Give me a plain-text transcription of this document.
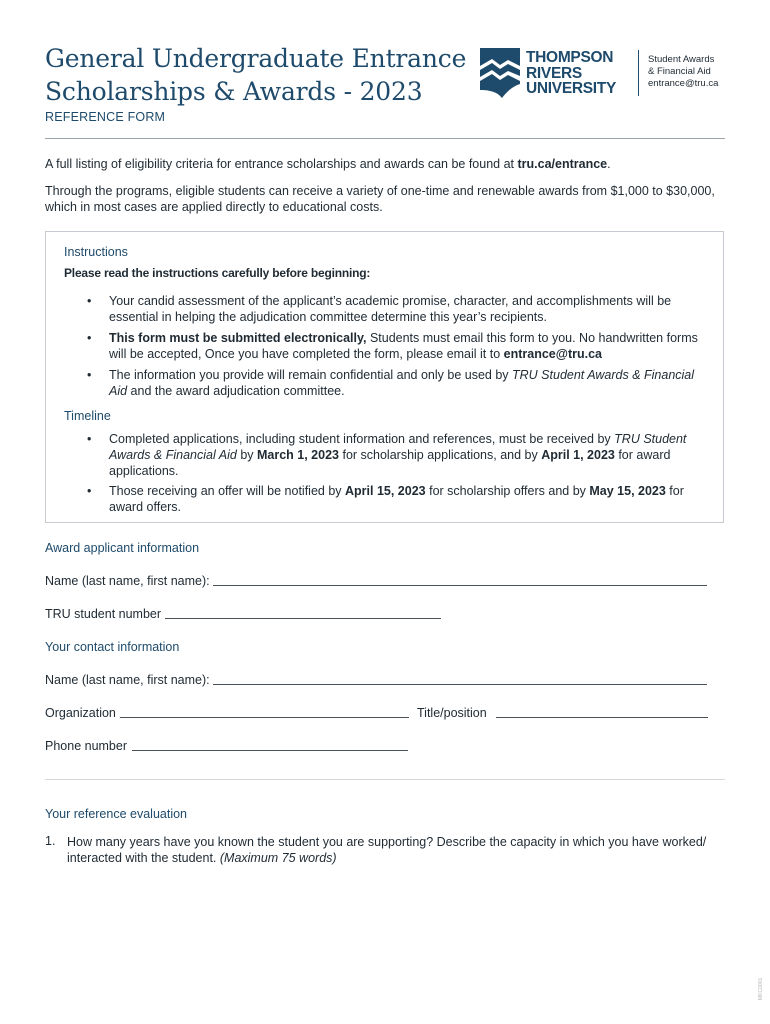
General Undergraduate Entrance
Scholarships & Awards - 2023
THOMPSON
RIVERS
UNIVERSITY
Student Awards
& Financial Aid
entrance@tru.ca
REFERENCE FORM

A full listing of eligibility criteria for entrance scholarships and awards can be found at tru.ca/entrance.

Through the programs, eligible students can receive a variety of one-time and renewable awards from $1,000 to $30,000, which in most cases are applied directly to educational costs.

Instructions
Please read the instructions carefully before beginning:
• Your candid assessment of the applicant’s academic promise, character, and accomplishments will be essential in helping the adjudication committee determine this year’s recipients.
• This form must be submitted electronically, Students must email this form to you. No handwritten forms will be accepted, Once you have completed the form, please email it to entrance@tru.ca
• The information you provide will remain confidential and only be used by TRU Student Awards & Financial Aid and the award adjudication committee.
Timeline
• Completed applications, including student information and references, must be received by TRU Student Awards & Financial Aid by March 1, 2023 for scholarship applications, and by April 1, 2023 for award applications.
• Those receiving an offer will be notified by April 15, 2023 for scholarship offers and by May 15, 2023 for award offers.
Award applicant information
Name (last name, first name):
TRU student number
Your contact information
Name (last name, first name):
Organization	Title/position
Phone number
Your reference evaluation
1. How many years have you known the student you are supporting? Describe the capacity in which you have worked/ interacted with the student. (Maximum 75 words)
MKC0001
